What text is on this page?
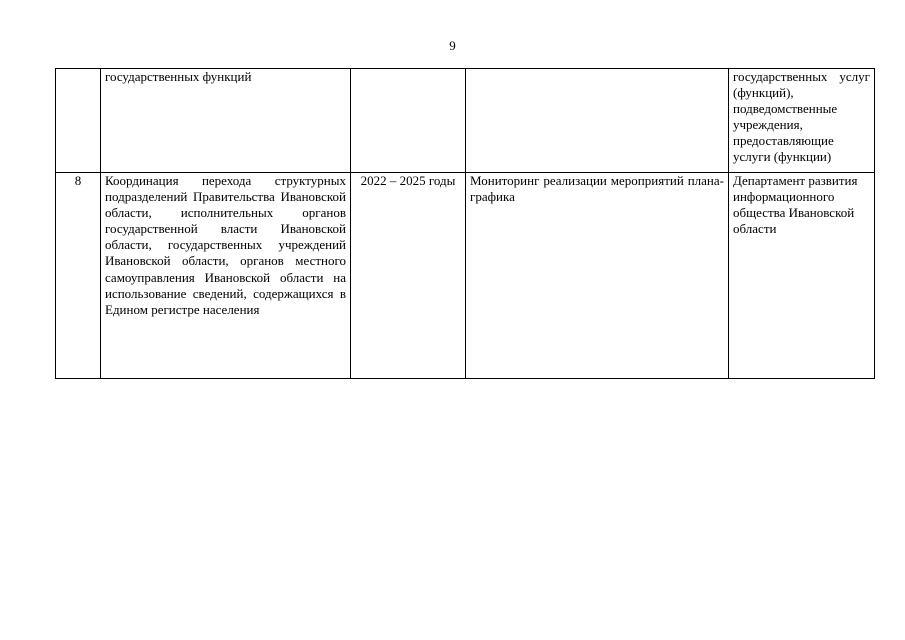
9
	государственных функций			государственных услуг (функций), подведомственные учреждения, предоставляющие услуги (функции)
8	Координация перехода структурных подразделений Правительства Ивановской области, исполнительных органов государственной власти Ивановской области, государственных учреждений Ивановской области, органов местного самоуправления Ивановской области на использование сведений, содержащихся в Едином регистре населения	2022 – 2025 годы	Мониторинг реализации мероприятий плана-графика	Департамент развития информационного общества Ивановской области
